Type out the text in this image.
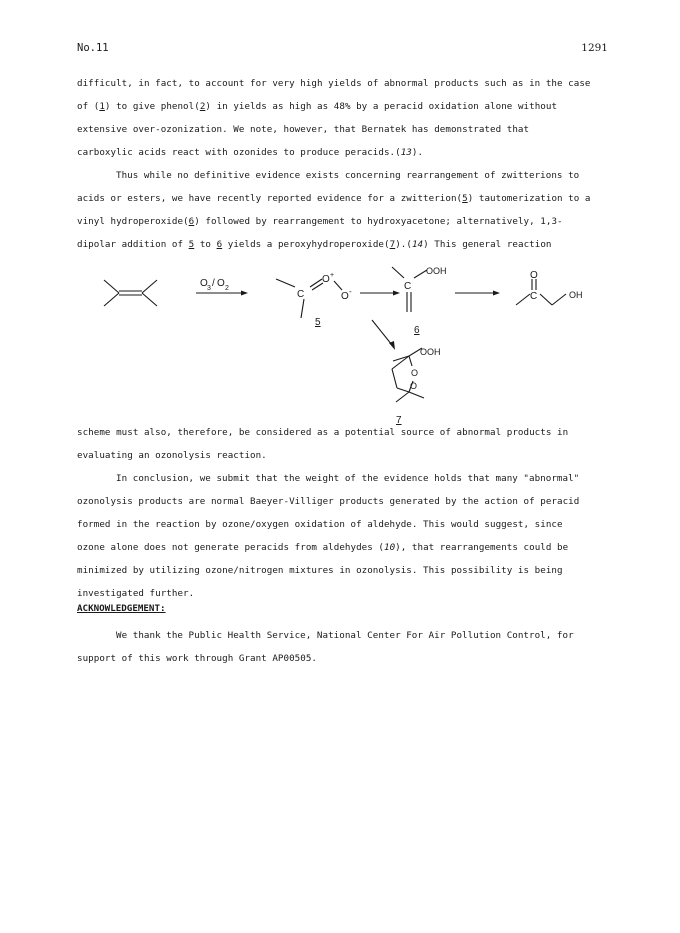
No.11	1291
difficult, in fact, to account for very high yields of abnormal products such as in the case
of (1) to give phenol(2) in yields as high as 48% by a peracid oxidation alone without
extensive over-ozonization. We note, however, that Bernatek has demonstrated that
carboxylic acids react with ozonides to produce peracids.(13).
Thus while no definitive evidence exists concerning rearrangement of zwitterions to
acids or esters, we have recently reported evidence for a zwitterion(5) tautomerization to a
vinyl hydroperoxide(6) followed by rearrangement to hydroxyacetone; alternatively, 1,3-
dipolar addition of 5 to 6 yields a peroxyhydroperoxide(7).(14) This general reaction
O 3 / O 2
C
O +
O -
5
OOH
C
6
O
C	OH
OOH
O
O
7
scheme must also, therefore, be considered as a potential source of abnormal products in
evaluating an ozonolysis reaction.
In conclusion, we submit that the weight of the evidence holds that many "abnormal"
ozonolysis products are normal Baeyer-Villiger products generated by the action of peracid
formed in the reaction by ozone/oxygen oxidation of aldehyde. This would suggest, since
ozone alone does not generate peracids from aldehydes (10), that rearrangements could be
minimized by utilizing ozone/nitrogen mixtures in ozonolysis. This possibility is being
investigated further.
ACKNOWLEDGEMENT:
We thank the Public Health Service, National Center For Air Pollution Control, for
support of this work through Grant AP00505.
